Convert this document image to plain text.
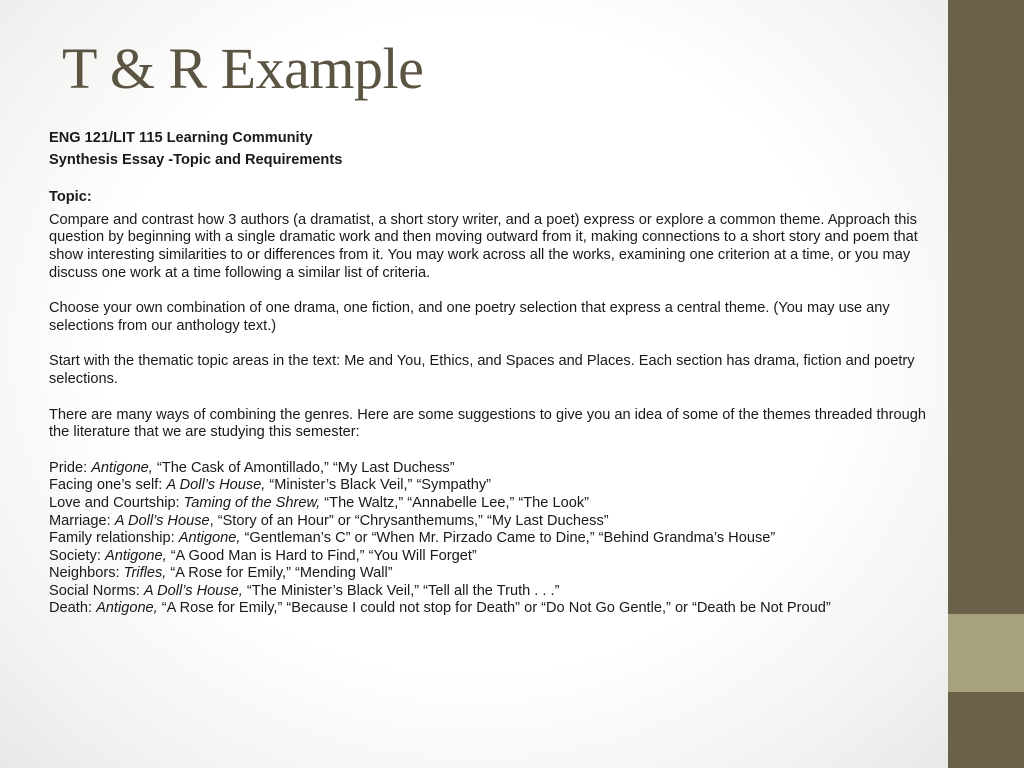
T & R Example

ENG 121/LIT 115 Learning Community

Synthesis Essay -Topic and Requirements

Topic:

Compare and contrast how 3 authors (a dramatist, a short story writer, and a poet) express or explore a common theme. Approach this question by beginning with a single dramatic work and then moving outward from it, making connections to a short story and poem that show interesting similarities to or differences from it. You may work across all the works, examining one criterion at a time, or you may discuss one work at a time following a similar list of criteria.

Choose your own combination of one drama, one fiction, and one poetry selection that express a central theme. (You may use any selections from our anthology text.)

Start with the thematic topic areas in the text: Me and You, Ethics, and Spaces and Places. Each section has drama, fiction and poetry selections.

There are many ways of combining the genres. Here are some suggestions to give you an idea of some of the themes threaded through the literature that we are studying this semester:

Pride: Antigone, “The Cask of Amontillado,” “My Last Duchess”

Facing one’s self: A Doll’s House, “Minister’s Black Veil,” “Sympathy”

Love and Courtship: Taming of the Shrew, “The Waltz,” “Annabelle Lee,” “The Look”

Marriage: A Doll’s House, “Story of an Hour” or “Chrysanthemums,” “My Last Duchess”

Family relationship: Antigone, “Gentleman’s C” or “When Mr. Pirzado Came to Dine,” “Behind Grandma’s House”

Society: Antigone, “A Good Man is Hard to Find,” “You Will Forget”

Neighbors: Trifles, “A Rose for Emily,” “Mending Wall”

Social Norms: A Doll’s House, “The Minister’s Black Veil,” “Tell all the Truth . . .”

Death: Antigone, “A Rose for Emily,” “Because I could not stop for Death” or “Do Not Go Gentle,” or “Death be Not Proud”
